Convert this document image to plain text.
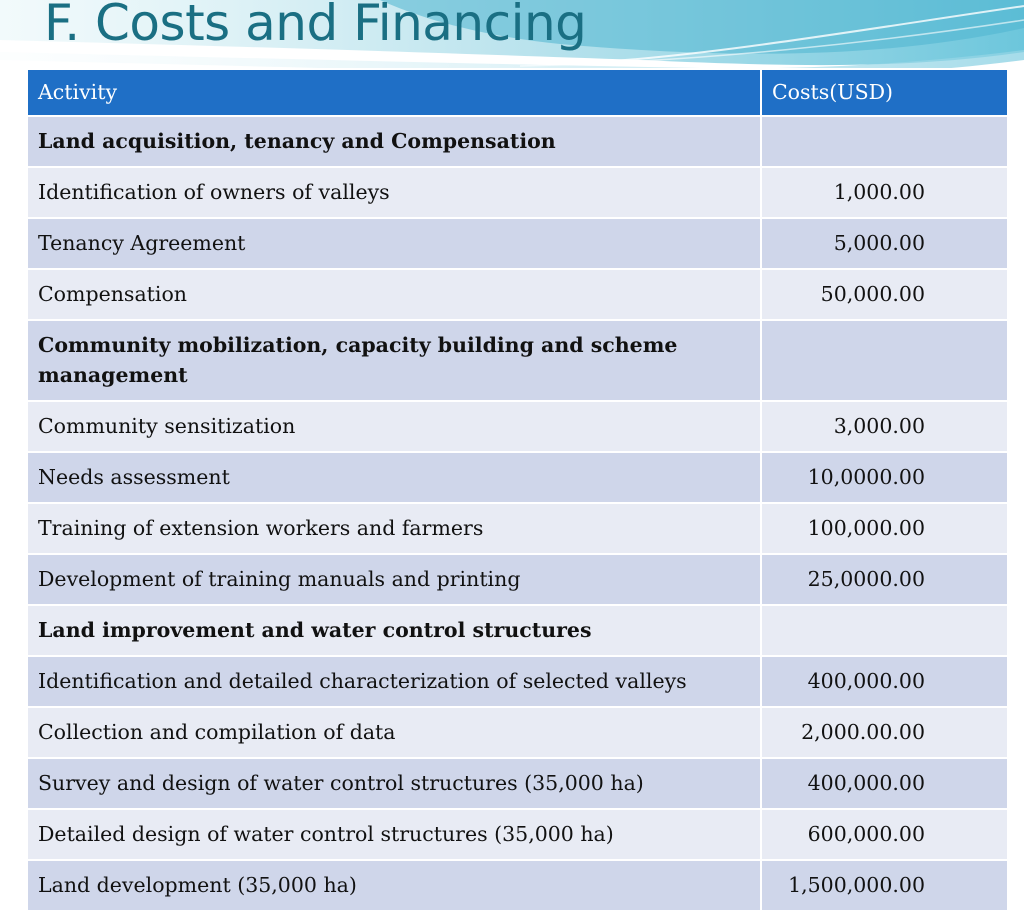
F. Costs and Financing
Activity	Costs(USD)
Land acquisition, tenancy and Compensation	
Identification of owners of valleys	1,000.00
Tenancy Agreement	5,000.00
Compensation	50,000.00
Community mobilization, capacity building and scheme management	
Community sensitization	3,000.00
Needs assessment	10,0000.00
Training of extension workers and farmers	100,000.00
Development of training manuals and printing	25,0000.00
Land improvement and water control structures	
Identification and detailed characterization of selected valleys	400,000.00
Collection and compilation of data	2,000.00.00
Survey and design of water control structures (35,000 ha)	400,000.00
Detailed design of water control structures (35,000 ha)	600,000.00
Land development (35,000 ha)	1,500,000.00
